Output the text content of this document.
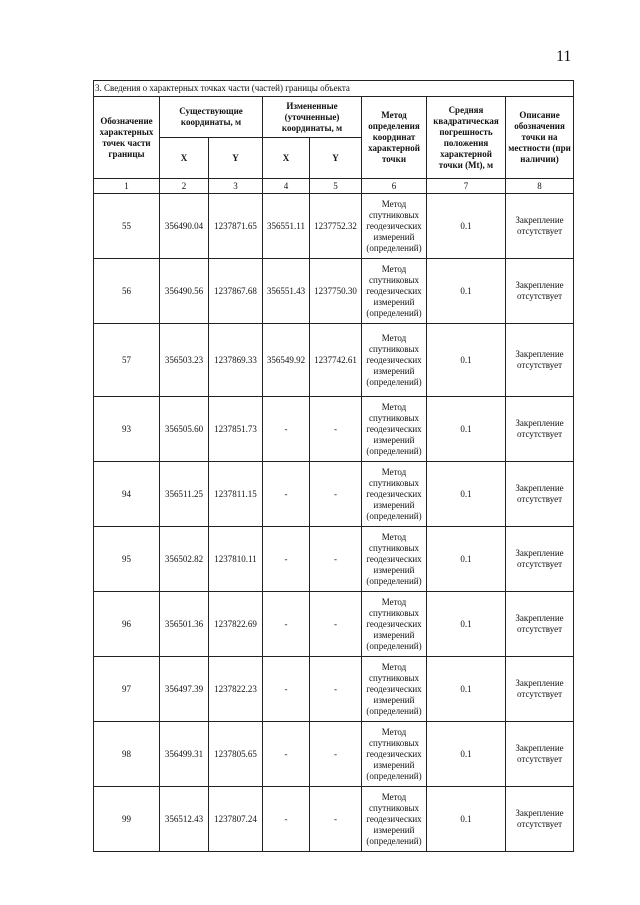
11
3. Сведения о характерных точках части (частей) границы объекта							
Обозначение характерных точек части границы	Существующие координаты, м		Измененные (уточненные) координаты, м		Метод определения координат характерной точки	Средняя квадратическая погрешность положения характерной точки (Mt), м	Описание обозначения точки на местности (при наличии)
	X	Y	X	Y			
1	2	3	4	5	6	7	8
55	356490.04	1237871.65	356551.11	1237752.32	Метод спутниковых геодезических измерений (определений)	0.1	Закрепление отсутствует
56	356490.56	1237867.68	356551.43	1237750.30	Метод спутниковых геодезических измерений (определений)	0.1	Закрепление отсутствует
57	356503.23	1237869.33	356549.92	1237742.61	Метод спутниковых геодезических измерений (определений)	0.1	Закрепление отсутствует
93	356505.60	1237851.73	-	-	Метод спутниковых геодезических измерений (определений)	0.1	Закрепление отсутствует
94	356511.25	1237811.15	-	-	Метод спутниковых геодезических измерений (определений)	0.1	Закрепление отсутствует
95	356502.82	1237810.11	-	-	Метод спутниковых геодезических измерений (определений)	0.1	Закрепление отсутствует
96	356501.36	1237822.69	-	-	Метод спутниковых геодезических измерений (определений)	0.1	Закрепление отсутствует
97	356497.39	1237822.23	-	-	Метод спутниковых геодезических измерений (определений)	0.1	Закрепление отсутствует
98	356499.31	1237805.65	-	-	Метод спутниковых геодезических измерений (определений)	0.1	Закрепление отсутствует
99	356512.43	1237807.24	-	-	Метод спутниковых геодезических измерений (определений)	0.1	Закрепление отсутствует
